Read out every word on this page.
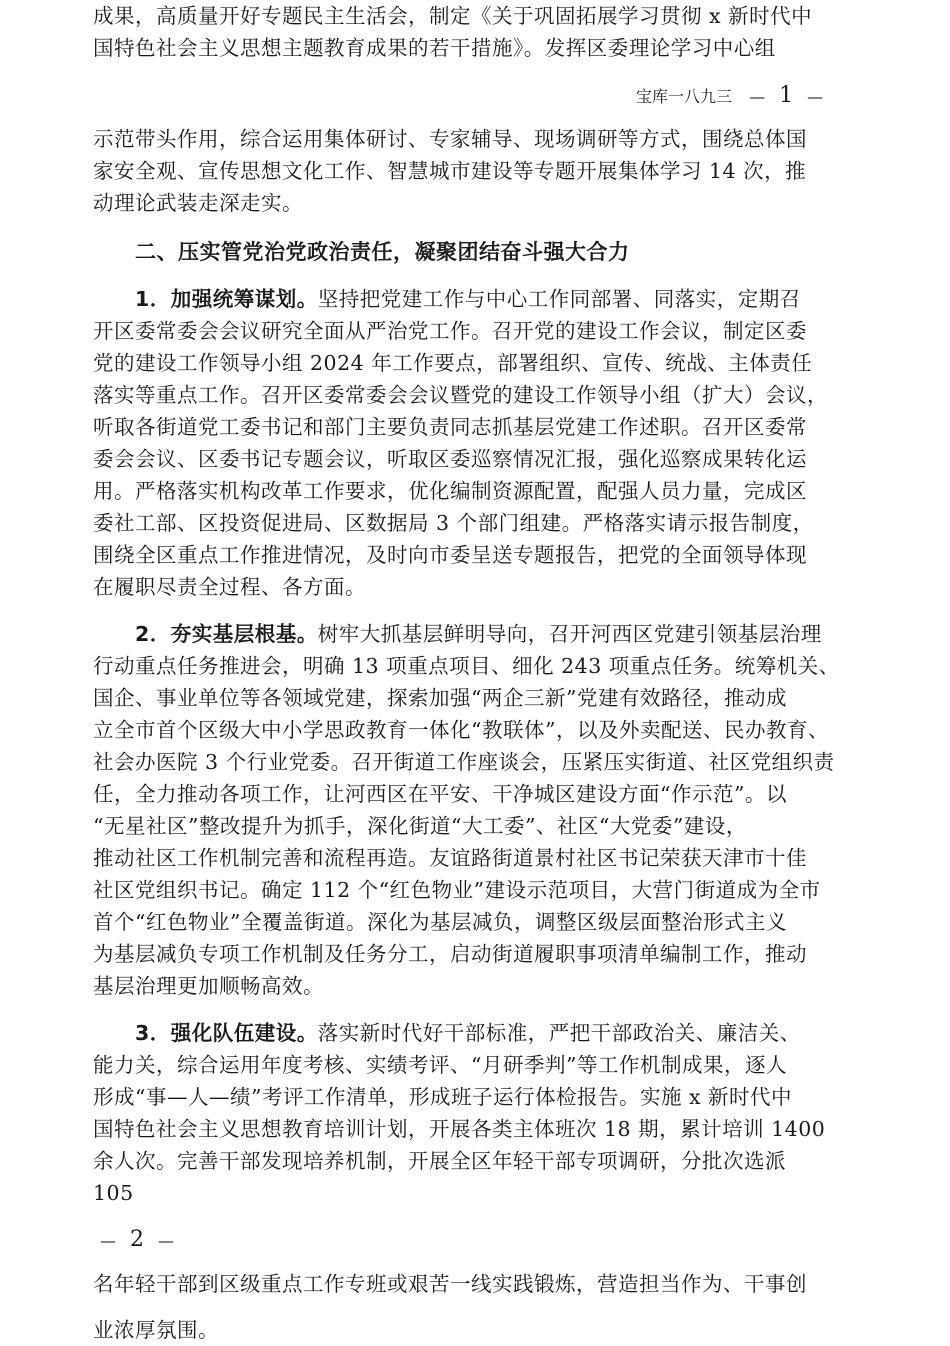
成果，高质量开好专题民主生活会，制定《关于巩固拓展学习贯彻 x 新时代中
国特色社会主义思想主题教育成果的若干措施》。发挥区委理论学习中心组
宝库一八九三 — 1 —
示范带头作用，综合运用集体研讨、专家辅导、现场调研等方式，围绕总体国
家安全观、宣传思想文化工作、智慧城市建设等专题开展集体学习 14 次，推
动理论武装走深走实。
二、压实管党治党政治责任，凝聚团结奋斗强大合力
1．加强统筹谋划。坚持把党建工作与中心工作同部署、同落实，定期召
开区委常委会会议研究全面从严治党工作。召开党的建设工作会议，制定区委
党的建设工作领导小组 2024 年工作要点，部署组织、宣传、统战、主体责任
落实等重点工作。召开区委常委会会议暨党的建设工作领导小组（扩大）会议，
听取各街道党工委书记和部门主要负责同志抓基层党建工作述职。召开区委常
委会会议、区委书记专题会议，听取区委巡察情况汇报，强化巡察成果转化运
用。严格落实机构改革工作要求，优化编制资源配置，配强人员力量，完成区
委社工部、区投资促进局、区数据局 3 个部门组建。严格落实请示报告制度，
围绕全区重点工作推进情况，及时向市委呈送专题报告，把党的全面领导体现
在履职尽责全过程、各方面。
2．夯实基层根基。树牢大抓基层鲜明导向，召开河西区党建引领基层治理
行动重点任务推进会，明确 13 项重点项目、细化 243 项重点任务。统筹机关、
国企、事业单位等各领域党建，探索加强“两企三新”党建有效路径，推动成
立全市首个区级大中小学思政教育一体化“教联体”，以及外卖配送、民办教育、
社会办医院 3 个行业党委。召开街道工作座谈会，压紧压实街道、社区党组织责
任，全力推动各项工作，让河西区在平安、干净城区建设方面“作示范”。以
“无星社区”整改提升为抓手，深化街道“大工委”、社区“大党委”建设，
推动社区工作机制完善和流程再造。友谊路街道景村社区书记荣获天津市十佳
社区党组织书记。确定 112 个“红色物业”建设示范项目，大营门街道成为全市
首个“红色物业”全覆盖街道。深化为基层减负，调整区级层面整治形式主义
为基层减负专项工作机制及任务分工，启动街道履职事项清单编制工作，推动
基层治理更加顺畅高效。
3．强化队伍建设。落实新时代好干部标准，严把干部政治关、廉洁关、
能力关，综合运用年度考核、实绩考评、“月研季判”等工作机制成果，逐人
形成“事—人—绩”考评工作清单，形成班子运行体检报告。实施 x 新时代中
国特色社会主义思想教育培训计划，开展各类主体班次 18 期，累计培训 1400
余人次。完善干部发现培养机制，开展全区年轻干部专项调研，分批次选派
105
— 2 —
名年轻干部到区级重点工作专班或艰苦一线实践锻炼，营造担当作为、干事创
业浓厚氛围。
